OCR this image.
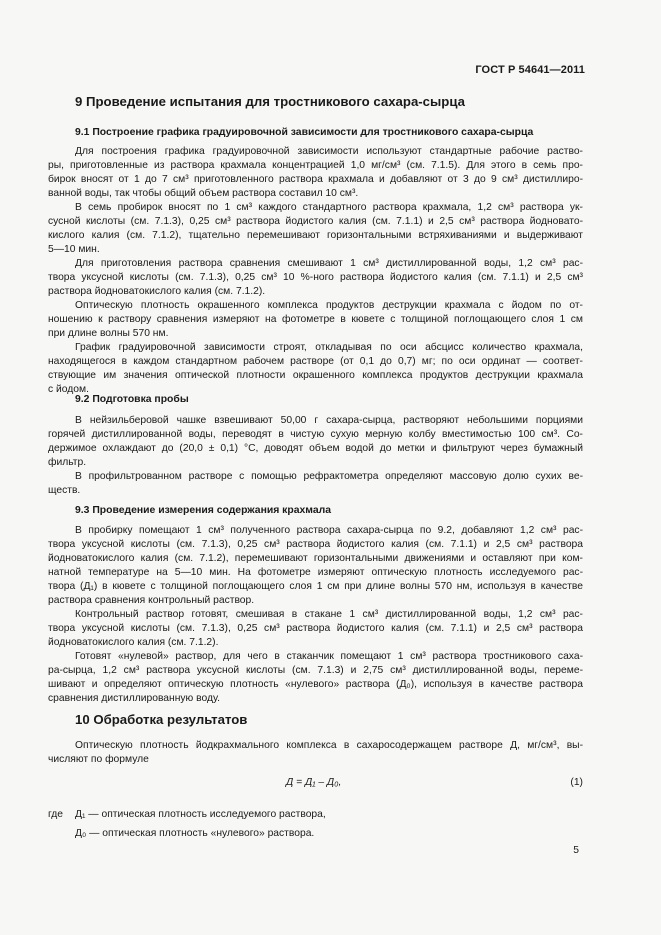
ГОСТ Р 54641—2011
9 Проведение испытания для тростникового сахара-сырца
9.1 Построение графика градуировочной зависимости для тростникового сахара-сырца
Для построения графика градуировочной зависимости используют стандартные рабочие раство-
ры, приготовленные из раствора крахмала концентрацией 1,0 мг/см³ (см. 7.1.5). Для этого в семь про-
бирок вносят от 1 до 7 см³ приготовленного раствора крахмала и добавляют от 3 до 9 см³ дистиллиро-
ванной воды, так чтобы общий объем раствора составил 10 см³.
В семь пробирок вносят по 1 см³ каждого стандартного раствора крахмала, 1,2 см³ раствора ук-
сусной кислоты (см. 7.1.3), 0,25 см³ раствора йодистого калия (см. 7.1.1) и 2,5 см³ раствора йодновато-
кислого калия (см. 7.1.2), тщательно перемешивают горизонтальными встряхиваниями и выдерживают
5—10 мин.
Для приготовления раствора сравнения смешивают 1 см³ дистиллированной воды, 1,2 см³ рас-
твора уксусной кислоты (см. 7.1.3), 0,25 см³ 10 %-ного раствора йодистого калия (см. 7.1.1) и 2,5 см³
раствора йодноватокислого калия (см. 7.1.2).
Оптическую плотность окрашенного комплекса продуктов деструкции крахмала с йодом по от-
ношению к раствору сравнения измеряют на фотометре в кювете с толщиной поглощающего слоя 1 см
при длине волны 570 нм.
График градуировочной зависимости строят, откладывая по оси абсцисс количество крахмала,
находящегося в каждом стандартном рабочем растворе (от 0,1 до 0,7) мг; по оси ординат — соответ-
ствующие им значения оптической плотности окрашенного комплекса продуктов деструкции крахмала
с йодом.
9.2 Подготовка пробы
В нейзильберовой чашке взвешивают 50,00 г сахара-сырца, растворяют небольшими порциями
горячей дистиллированной воды, переводят в чистую сухую мерную колбу вместимостью 100 см³. Со-
держимое охлаждают до (20,0 ± 0,1) °С, доводят объем водой до метки и фильтруют через бумажный
фильтр.
В профильтрованном растворе с помощью рефрактометра определяют массовую долю сухих ве-
ществ.
9.3 Проведение измерения содержания крахмала
В пробирку помещают 1 см³ полученного раствора сахара-сырца по 9.2, добавляют 1,2 см³ рас-
твора уксусной кислоты (см. 7.1.3), 0,25 см³ раствора йодистого калия (см. 7.1.1) и 2,5 см³ раствора
йодноватокислого калия (см. 7.1.2), перемешивают горизонтальными движениями и оставляют при ком-
натной температуре на 5—10 мин. На фотометре измеряют оптическую плотность исследуемого рас-
твора (Д₁) в кювете с толщиной поглощающего слоя 1 см при длине волны 570 нм, используя в качестве
раствора сравнения контрольный раствор.
Контрольный раствор готовят, смешивая в стакане 1 см³ дистиллированной воды, 1,2 см³ рас-
твора уксусной кислоты (см. 7.1.3), 0,25 см³ раствора йодистого калия (см. 7.1.1) и 2,5 см³ раствора
йодноватокислого калия (см. 7.1.2).
Готовят «нулевой» раствор, для чего в стаканчик помещают 1 см³ раствора тростникового саха-
ра-сырца, 1,2 см³ раствора уксусной кислоты (см. 7.1.3) и 2,75 см³ дистиллированной воды, переме-
шивают и определяют оптическую плотность «нулевого» раствора (Д₀), используя в качестве раствора
сравнения дистиллированную воду.
10 Обработка результатов
Оптическую плотность йодкрахмального комплекса в сахаросодержащем растворе Д, мг/см³, вы-
числяют по формуле
Д = Д₁ – Д₀,	(1)
где Д₁ — оптическая плотность исследуемого раствора,
Д₀ — оптическая плотность «нулевого» раствора.
5
